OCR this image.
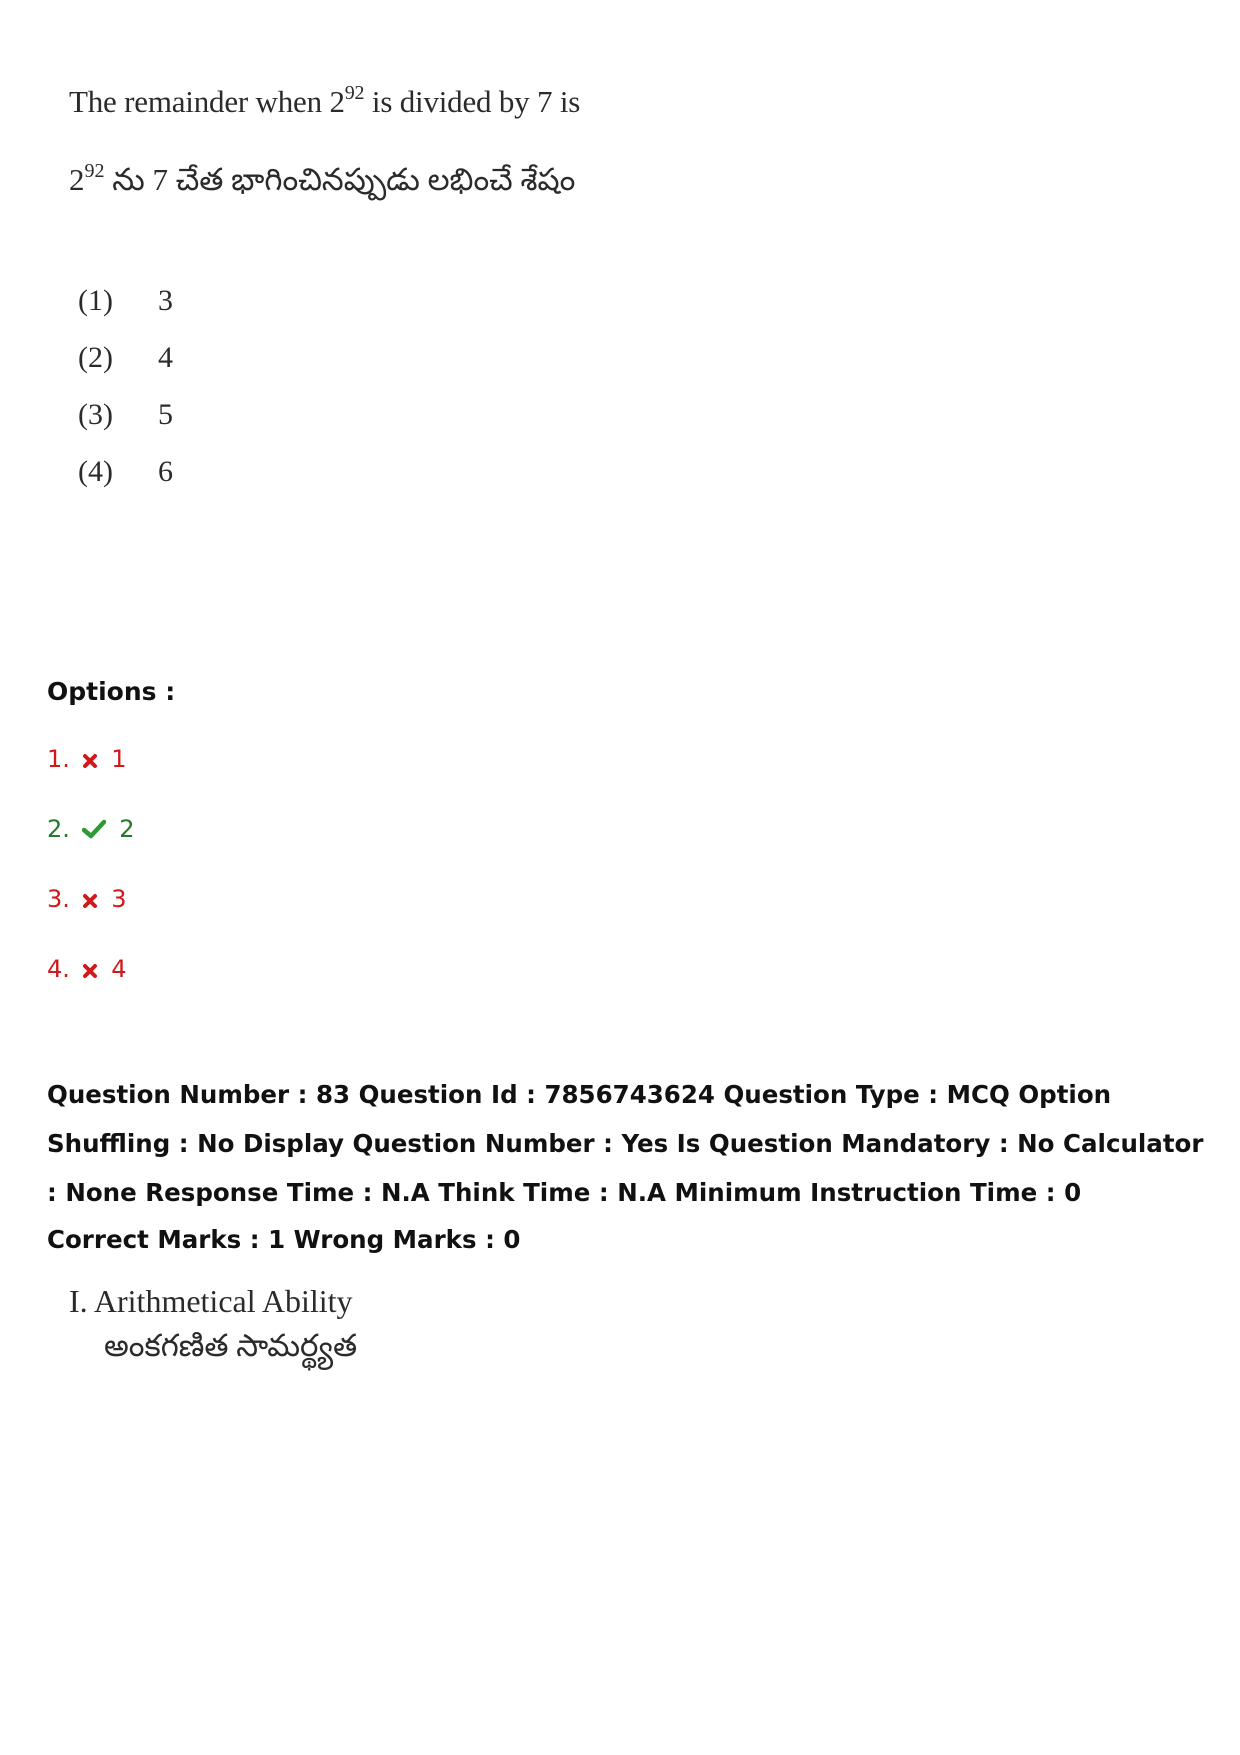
The remainder when $2^{92}$ is divided by 7 is
$2^{92}$ ను 7 చేత భాగించినప్పుడు లభించే శేషం
(1) 3
(2) 4
(3) 5
(4) 6
Options :
1. 1
2. 2
3. 3
4. 4
Question Number : 83 Question Id : 7856743624 Question Type : MCQ Option Shuffling : No Display Question Number : Yes Is Question Mandatory : No Calculator : None Response Time : N.A Think Time : N.A Minimum Instruction Time : 0
Correct Marks : 1 Wrong Marks : 0
I. Arithmetical Ability
అంకగణిత సామర్థ్యత
